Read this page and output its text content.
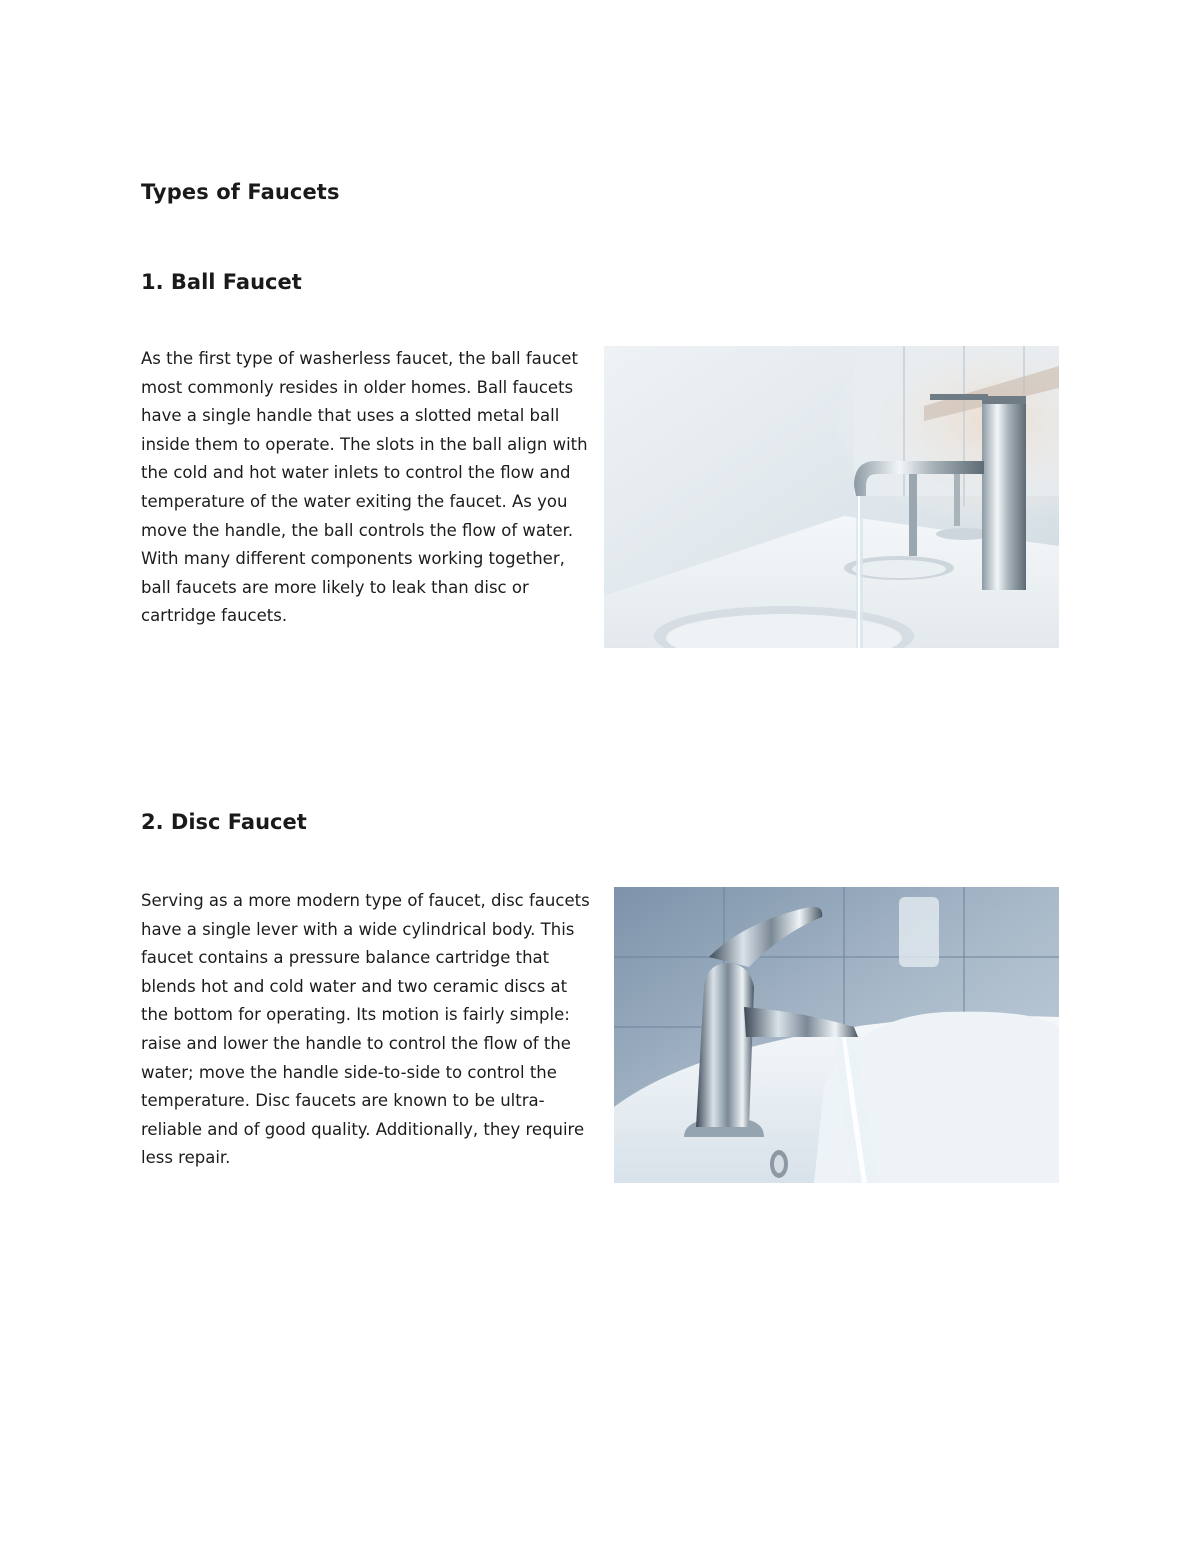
Types of Faucets
1. Ball Faucet

As the first type of washerless faucet, the ball faucet most commonly resides in older homes. Ball faucets have a single handle that uses a slotted metal ball inside them to operate. The slots in the ball align with the cold and hot water inlets to control the flow and temperature of the water exiting the faucet. As you move the handle, the ball controls the flow of water. With many different components working together, ball faucets are more likely to leak than disc or cartridge faucets.

2. Disc Faucet

Serving as a more modern type of faucet, disc faucets have a single lever with a wide cylindrical body. This faucet contains a pressure balance cartridge that blends hot and cold water and two ceramic discs at the bottom for operating. Its motion is fairly simple: raise and lower the handle to control the flow of the water; move the handle side-to-side to control the temperature. Disc faucets are known to be ultra-reliable and of good quality. Additionally, they require less repair.
